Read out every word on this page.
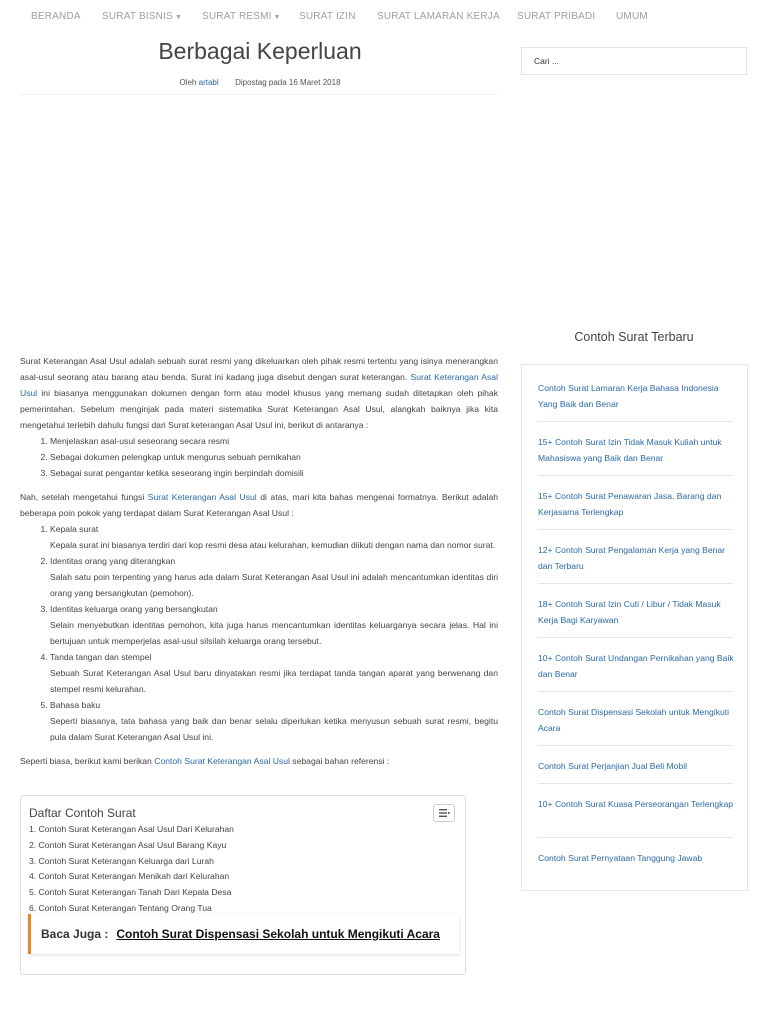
BERANDA SURAT BISNIS ▼ SURAT RESMI ▼ SURAT IZIN SURAT LAMARAN KERJA SURAT PRIBADI UMUM
Berbagai Keperluan
Oleh artabl Dipostag pada 16 Maret 2018

Surat Keterangan Asal Usul adalah sebuah surat resmi yang dikeluarkan oleh pihak resmi tertentu yang isinya menerangkan asal-usul seorang atau barang atau benda. Surat ini kadang juga disebut dengan surat keterangan. Surat Keterangan Asal Usul ini biasanya menggunakan dokumen dengan form atau model khusus yang memang sudah ditetapkan oleh pihak pemerintahan. Sebelum menginjak pada materi sistematika Surat Keterangan Asal Usul, alangkah baiknya jika kita mengetahui terlebih dahulu fungsi dari Surat keterangan Asal Usul ini, berikut di antaranya :

1. Menjelaskan asal-usul seseorang secara resmi
2. Sebagai dokumen pelengkap untuk mengurus sebuah pernikahan
3. Sebagai surat pengantar ketika seseorang ingin berpindah domisili

Nah, setelah mengetahui fungsi Surat Keterangan Asal Usul di atas, mari kita bahas mengenai formatnya. Berikut adalah beberapa poin pokok yang terdapat dalam Surat Keterangan Asal Usul :

1. Kepala surat
Kepala surat ini biasanya terdiri dari kop resmi desa atau kelurahan, kemudian diikuti dengan nama dan nomor surat.
2. Identitas orang yang diterangkan
Salah satu poin terpenting yang harus ada dalam Surat Keterangan Asal Usul ini adalah mencantumkan identitas diri orang yang bersangkutan (pemohon).
3. Identitas keluarga orang yang bersangkutan
Selain menyebutkan identitas pemohon, kita juga harus mencantumkan identitas keluarganya secara jelas. Hal ini bertujuan untuk memperjelas asal-usul silsilah keluarga orang tersebut.
4. Tanda tangan dan stempel
Sebuah Surat Keterangan Asal Usul baru dinyatakan resmi jika terdapat tanda tangan aparat yang berwenang dan stempel resmi kelurahan.
5. Bahasa baku
Seperti biasanya, tata bahasa yang baik dan benar selalu diperlukan ketika menyusun sebuah surat resmi, begitu pula dalam Surat Keterangan Asal Usul ini.

Seperti biasa, berikut kami berikan Contoh Surat Keterangan Asal Usul sebagai bahan referensi :

Daftar Contoh Surat
1. Contoh Surat Keterangan Asal Usul Dari Kelurahan
2. Contoh Surat Keterangan Asal Usul Barang Kayu
3. Contoh Surat Keterangan Keluarga dari Lurah
4. Contoh Surat Keterangan Menikah dari Kelurahan
5. Contoh Surat Keterangan Tanah Dari Kepala Desa
6. Contoh Surat Keterangan Tentang Orang Tua
Baca Juga : Contoh Surat Dispensasi Sekolah untuk Mengikuti Acara
Cari ...
Contoh Surat Terbaru
Contoh Surat Lamaran Kerja Bahasa Indonesia Yang Baik dan Benar
15+ Contoh Surat Izin Tidak Masuk Kuliah untuk Mahasiswa yang Baik dan Benar
15+ Contoh Surat Penawaran Jasa, Barang dan Kerjasama Terlengkap
12+ Contoh Surat Pengalaman Kerja yang Benar dan Terbaru
18+ Contoh Surat Izin Cuti / Libur / Tidak Masuk Kerja Bagi Karyawan
10+ Contoh Surat Undangan Pernikahan yang Baik dan Benar
Contoh Surat Dispensasi Sekolah untuk Mengikuti Acara
Contoh Surat Perjanjian Jual Beli Mobil
10+ Contoh Surat Kuasa Perseorangan Terlengkap
Contoh Surat Pernyataan Tanggung Jawab
